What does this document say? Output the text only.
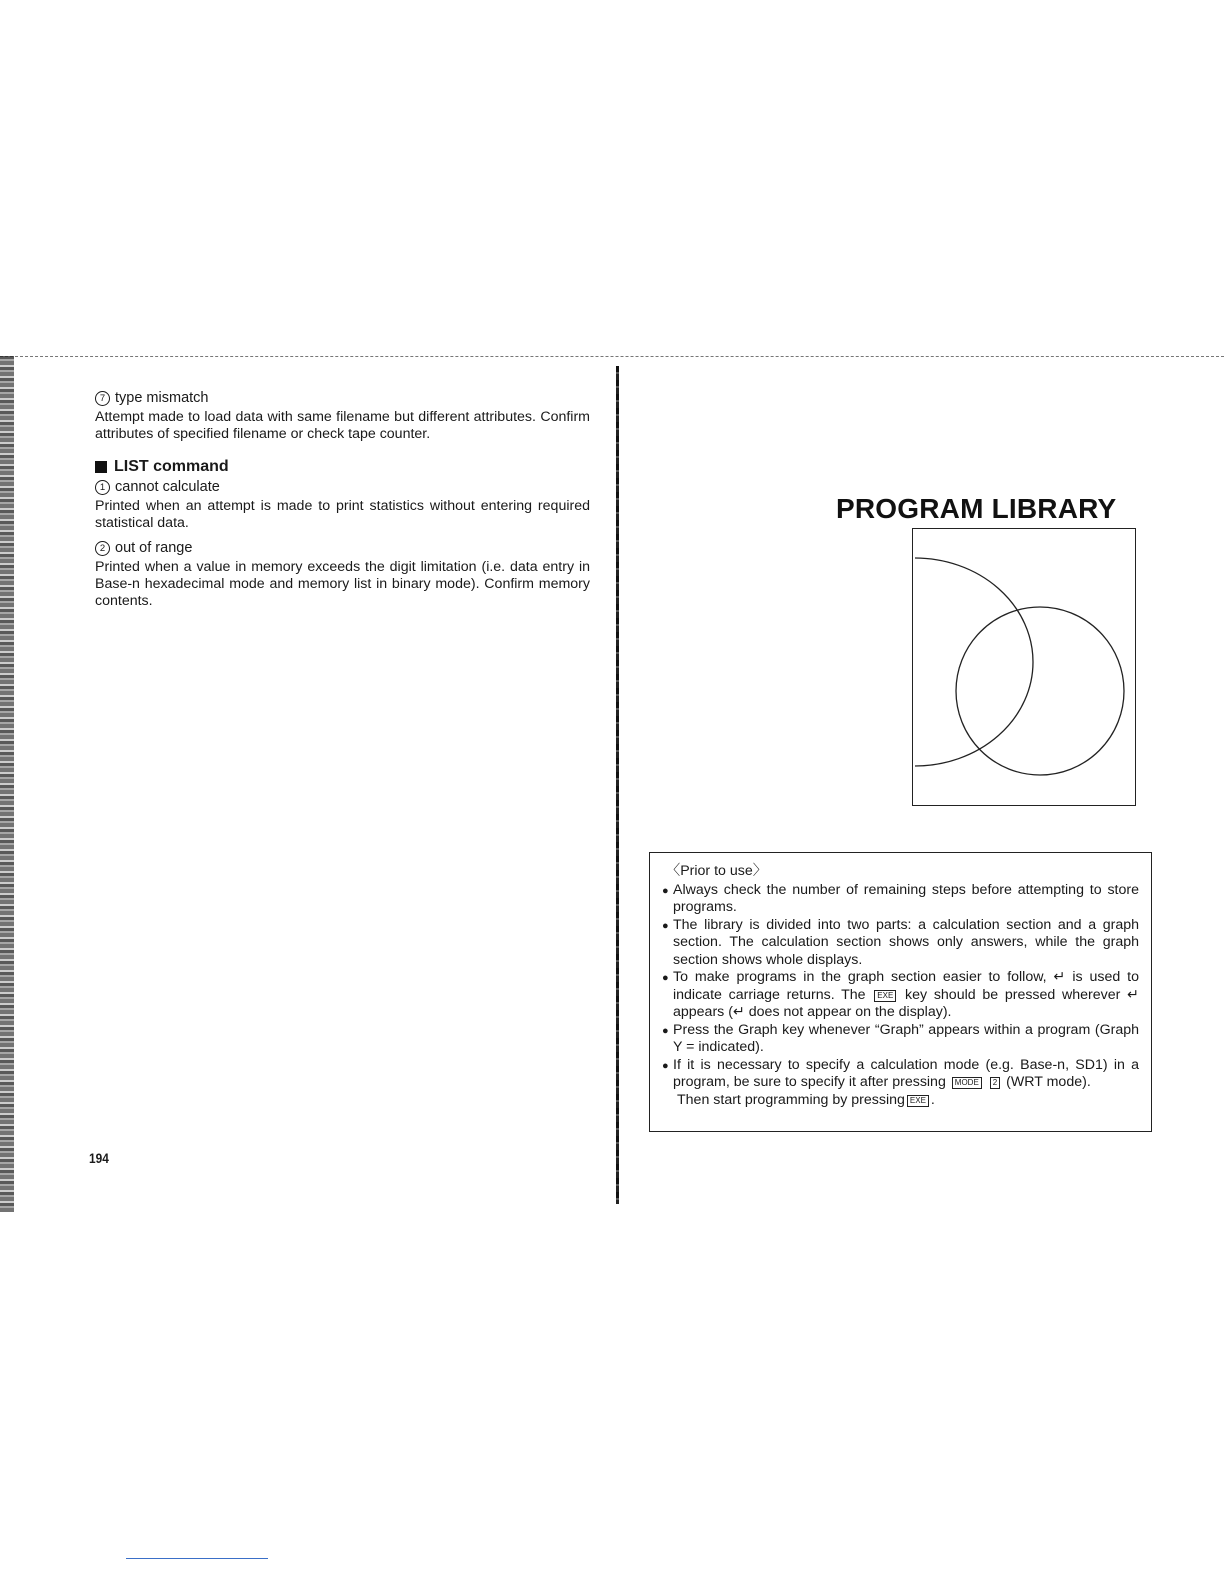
7 type mismatch

Attempt made to load data with same filename but different attributes. Confirm attributes of specified filename or check tape counter.

LIST command

1 cannot calculate

Printed when an attempt is made to print statistics without entering required statistical data.

2 out of range

Printed when a value in memory exceeds the digit limitation (i.e. data entry in Base-n hexadecimal mode and memory list in binary mode). Confirm memory contents.

194
PROGRAM LIBRARY

〈Prior to use〉

●
Always check the number of remaining steps before attempting to store programs.

●
The library is divided into two parts: a calculation section and a graph section. The calculation section shows only answers, while the graph section shows whole displays.

●
To make programs in the graph section easier to follow, ↵ is used to indicate carriage returns. The EXE key should be pressed wherever ↵ appears (↵ does not appear on the display).

●
Press the Graph key whenever “Graph” appears within a program (Graph Y = indicated).

●
If it is necessary to specify a calculation mode (e.g. Base-n, SD1) in a program, be sure to specify it after pressing MODE 2 (WRT mode).

Then start programming by pressing EXE .
